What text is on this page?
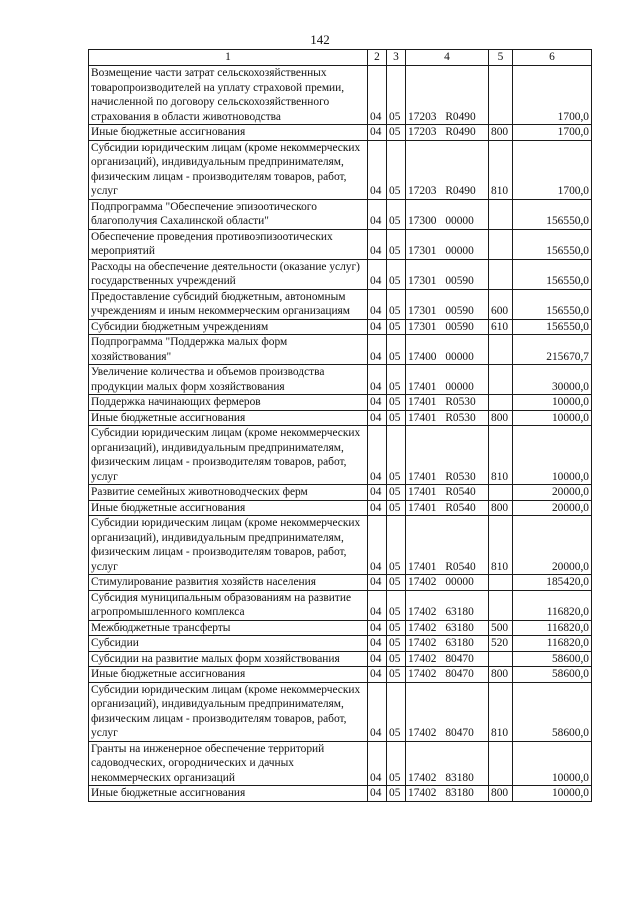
142
1	2	3	4	5	6
Возмещение части затрат сельскохозяйственных товаропроизводителей на уплату страховой премии, начисленной по договору сельскохозяйственного страхования в области животноводства	04	05	17203 R0490		1700,0
Иные бюджетные ассигнования	04	05	17203 R0490	800	1700,0
Субсидии юридическим лицам (кроме некоммерческих организаций), индивидуальным предпринимателям, физическим лицам - производителям товаров, работ, услуг	04	05	17203 R0490	810	1700,0
Подпрограмма "Обеспечение эпизоотического благополучия Сахалинской области"	04	05	17300 00000		156550,0
Обеспечение проведения противоэпизоотических мероприятий	04	05	17301 00000		156550,0
Расходы на обеспечение деятельности (оказание услуг) государственных учреждений	04	05	17301 00590		156550,0
Предоставление субсидий бюджетным, автономным учреждениям и иным некоммерческим организациям	04	05	17301 00590	600	156550,0
Субсидии бюджетным учреждениям	04	05	17301 00590	610	156550,0
Подпрограмма "Поддержка малых форм хозяйствования"	04	05	17400 00000		215670,7
Увеличение количества и объемов производства продукции малых форм хозяйствования	04	05	17401 00000		30000,0
Поддержка начинающих фермеров	04	05	17401 R0530		10000,0
Иные бюджетные ассигнования	04	05	17401 R0530	800	10000,0
Субсидии юридическим лицам (кроме некоммерческих организаций), индивидуальным предпринимателям, физическим лицам - производителям товаров, работ, услуг	04	05	17401 R0530	810	10000,0
Развитие семейных животноводческих ферм	04	05	17401 R0540		20000,0
Иные бюджетные ассигнования	04	05	17401 R0540	800	20000,0
Субсидии юридическим лицам (кроме некоммерческих организаций), индивидуальным предпринимателям, физическим лицам - производителям товаров, работ, услуг	04	05	17401 R0540	810	20000,0
Стимулирование развития хозяйств населения	04	05	17402 00000		185420,0
Субсидия муниципальным образованиям на развитие агропромышленного комплекса	04	05	17402 63180		116820,0
Межбюджетные трансферты	04	05	17402 63180	500	116820,0
Субсидии	04	05	17402 63180	520	116820,0
Субсидии на развитие малых форм хозяйствования	04	05	17402 80470		58600,0
Иные бюджетные ассигнования	04	05	17402 80470	800	58600,0
Субсидии юридическим лицам (кроме некоммерческих организаций), индивидуальным предпринимателям, физическим лицам - производителям товаров, работ, услуг	04	05	17402 80470	810	58600,0
Гранты на инженерное обеспечение территорий садоводческих, огороднических и дачных некоммерческих организаций	04	05	17402 83180		10000,0
Иные бюджетные ассигнования	04	05	17402 83180	800	10000,0
